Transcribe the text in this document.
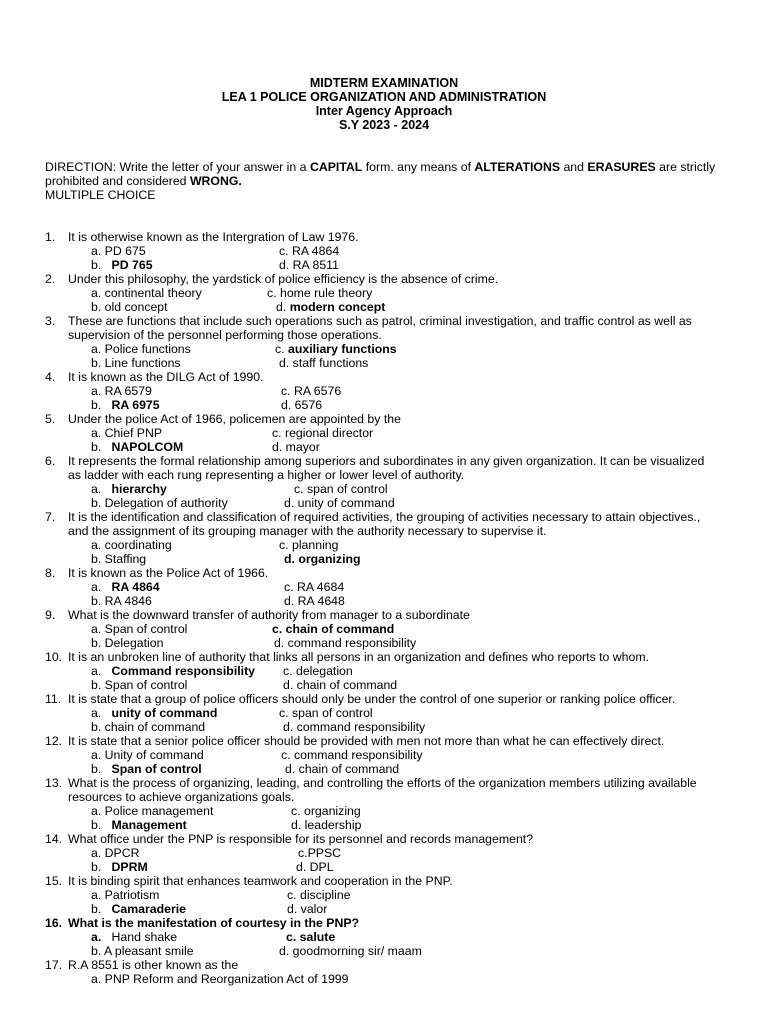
MIDTERM EXAMINATION
LEA 1 POLICE ORGANIZATION AND ADMINISTRATION
Inter Agency Approach
S.Y 2023 - 2024
DIRECTION: Write the letter of your answer in a CAPITAL form. any means of ALTERATIONS and ERASURES are strictly
prohibited and considered WRONG.
MULTIPLE CHOICE
1. It is otherwise known as the Intergration of Law 1976.
a. PD 675	c. RA 4864
b. PD 765	d. RA 8511
2. Under this philosophy, the yardstick of police efficiency is the absence of crime.
a. continental theory	c. home rule theory
b. old concept	d. modern concept
3. These are functions that include such operations such as patrol, criminal investigation, and traffic control as well as
supervision of the personnel performing those operations.
a. Police functions	c. auxiliary functions
b. Line functions	d. staff functions
4. It is known as the DILG Act of 1990.
a. RA 6579	c. RA 6576
b. RA 6975	d. 6576
5. Under the police Act of 1966, policemen are appointed by the
a. Chief PNP	c. regional director
b. NAPOLCOM	d. mayor
6. It represents the formal relationship among superiors and subordinates in any given organization. It can be visualized
as ladder with each rung representing a higher or lower level of authority.
a. hierarchy	c. span of control
b. Delegation of authority	d. unity of command
7. It is the identification and classification of required activities, the grouping of activities necessary to attain objectives.,
and the assignment of its grouping manager with the authority necessary to supervise it.
a. coordinating	c. planning
b. Staffing	d. organizing
8. It is known as the Police Act of 1966.
a. RA 4864	c. RA 4684
b. RA 4846	d. RA 4648
9. What is the downward transfer of authority from manager to a subordinate
a. Span of control	c. chain of command
b. Delegation	d. command responsibility
10. It is an unbroken line of authority that links all persons in an organization and defines who reports to whom.
a. Command responsibility c. delegation
b. Span of control	d. chain of command
11. It is state that a group of police officers should only be under the control of one superior or ranking police officer.
a. unity of command	c. span of control
b. chain of command	d. command responsibility
12. It is state that a senior police officer should be provided with men not more than what he can effectively direct.
a. Unity of command	c. command responsibility
b. Span of control	d. chain of command
13. What is the process of organizing, leading, and controlling the efforts of the organization members utilizing available
resources to achieve organizations goals.
a. Police management	c. organizing
b. Management	d. leadership
14. What office under the PNP is responsible for its personnel and records management?
a. DPCR	c.PPSC
b. DPRM	d. DPL
15. It is binding spirit that enhances teamwork and cooperation in the PNP.
a. Patriotism	c. discipline
b. Camaraderie	d. valor
16. What is the manifestation of courtesy in the PNP?
a. Hand shake	c. salute
b. A pleasant smile	d. goodmorning sir/ maam
17. R.A 8551 is other known as the
a. PNP Reform and Reorganization Act of 1999
